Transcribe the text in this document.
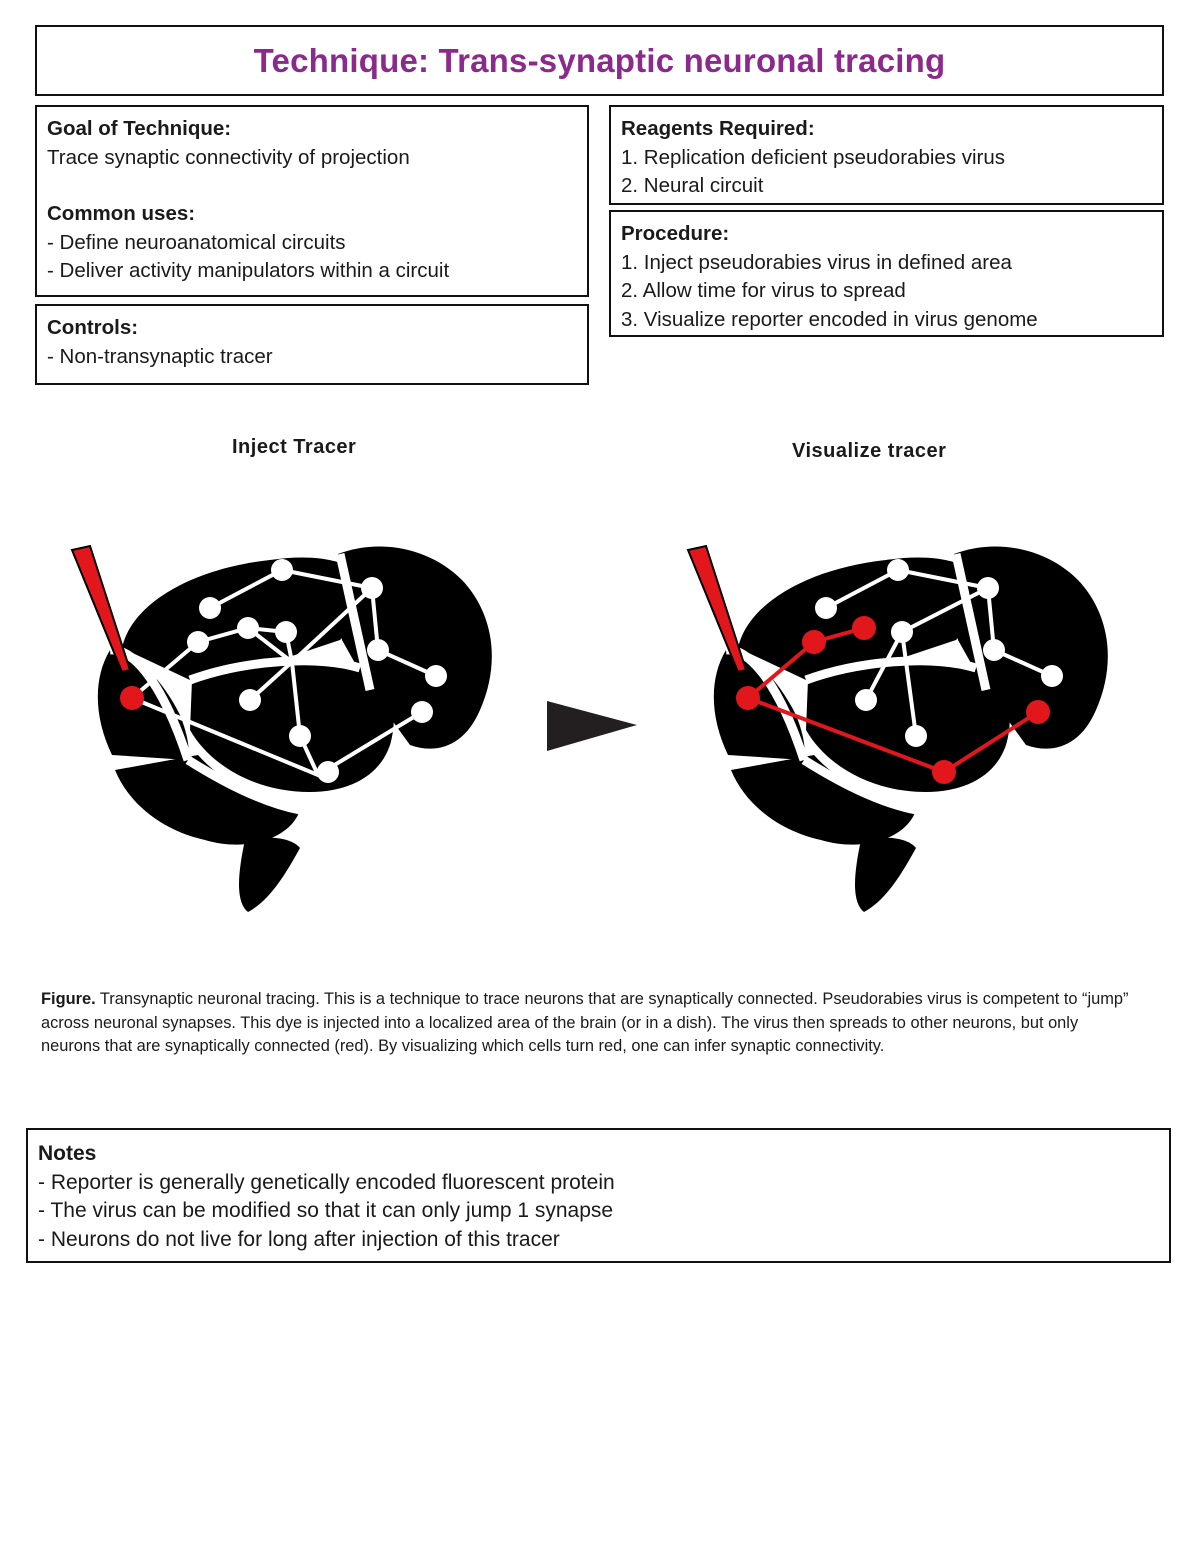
Technique: Trans-synaptic neuronal tracing
Goal of Technique:
Trace synaptic connectivity of projection
Common uses:
- Define neuroanatomical circuits
- Deliver activity manipulators within a circuit
Controls:
- Non-transynaptic tracer
Reagents Required:
1. Replication deficient pseudorabies virus
2. Neural circuit
Procedure:
1. Inject pseudorabies virus in defined area
2. Allow time for virus to spread
3. Visualize reporter encoded in virus genome
Inject Tracer	Visualize tracer
Figure. Transynaptic neuronal tracing. This is a technique to trace neurons that are synaptically connected. Pseudorabies virus is competent to “jump” across neuronal synapses. This dye is injected into a localized area of the brain (or in a dish). The virus then spreads to other neurons, but only neurons that are synaptically connected (red). By visualizing which cells turn red, one can infer synaptic connectivity.
Notes
- Reporter is generally genetically encoded fluorescent protein
- The virus can be modified so that it can only jump 1 synapse
- Neurons do not live for long after injection of this tracer
